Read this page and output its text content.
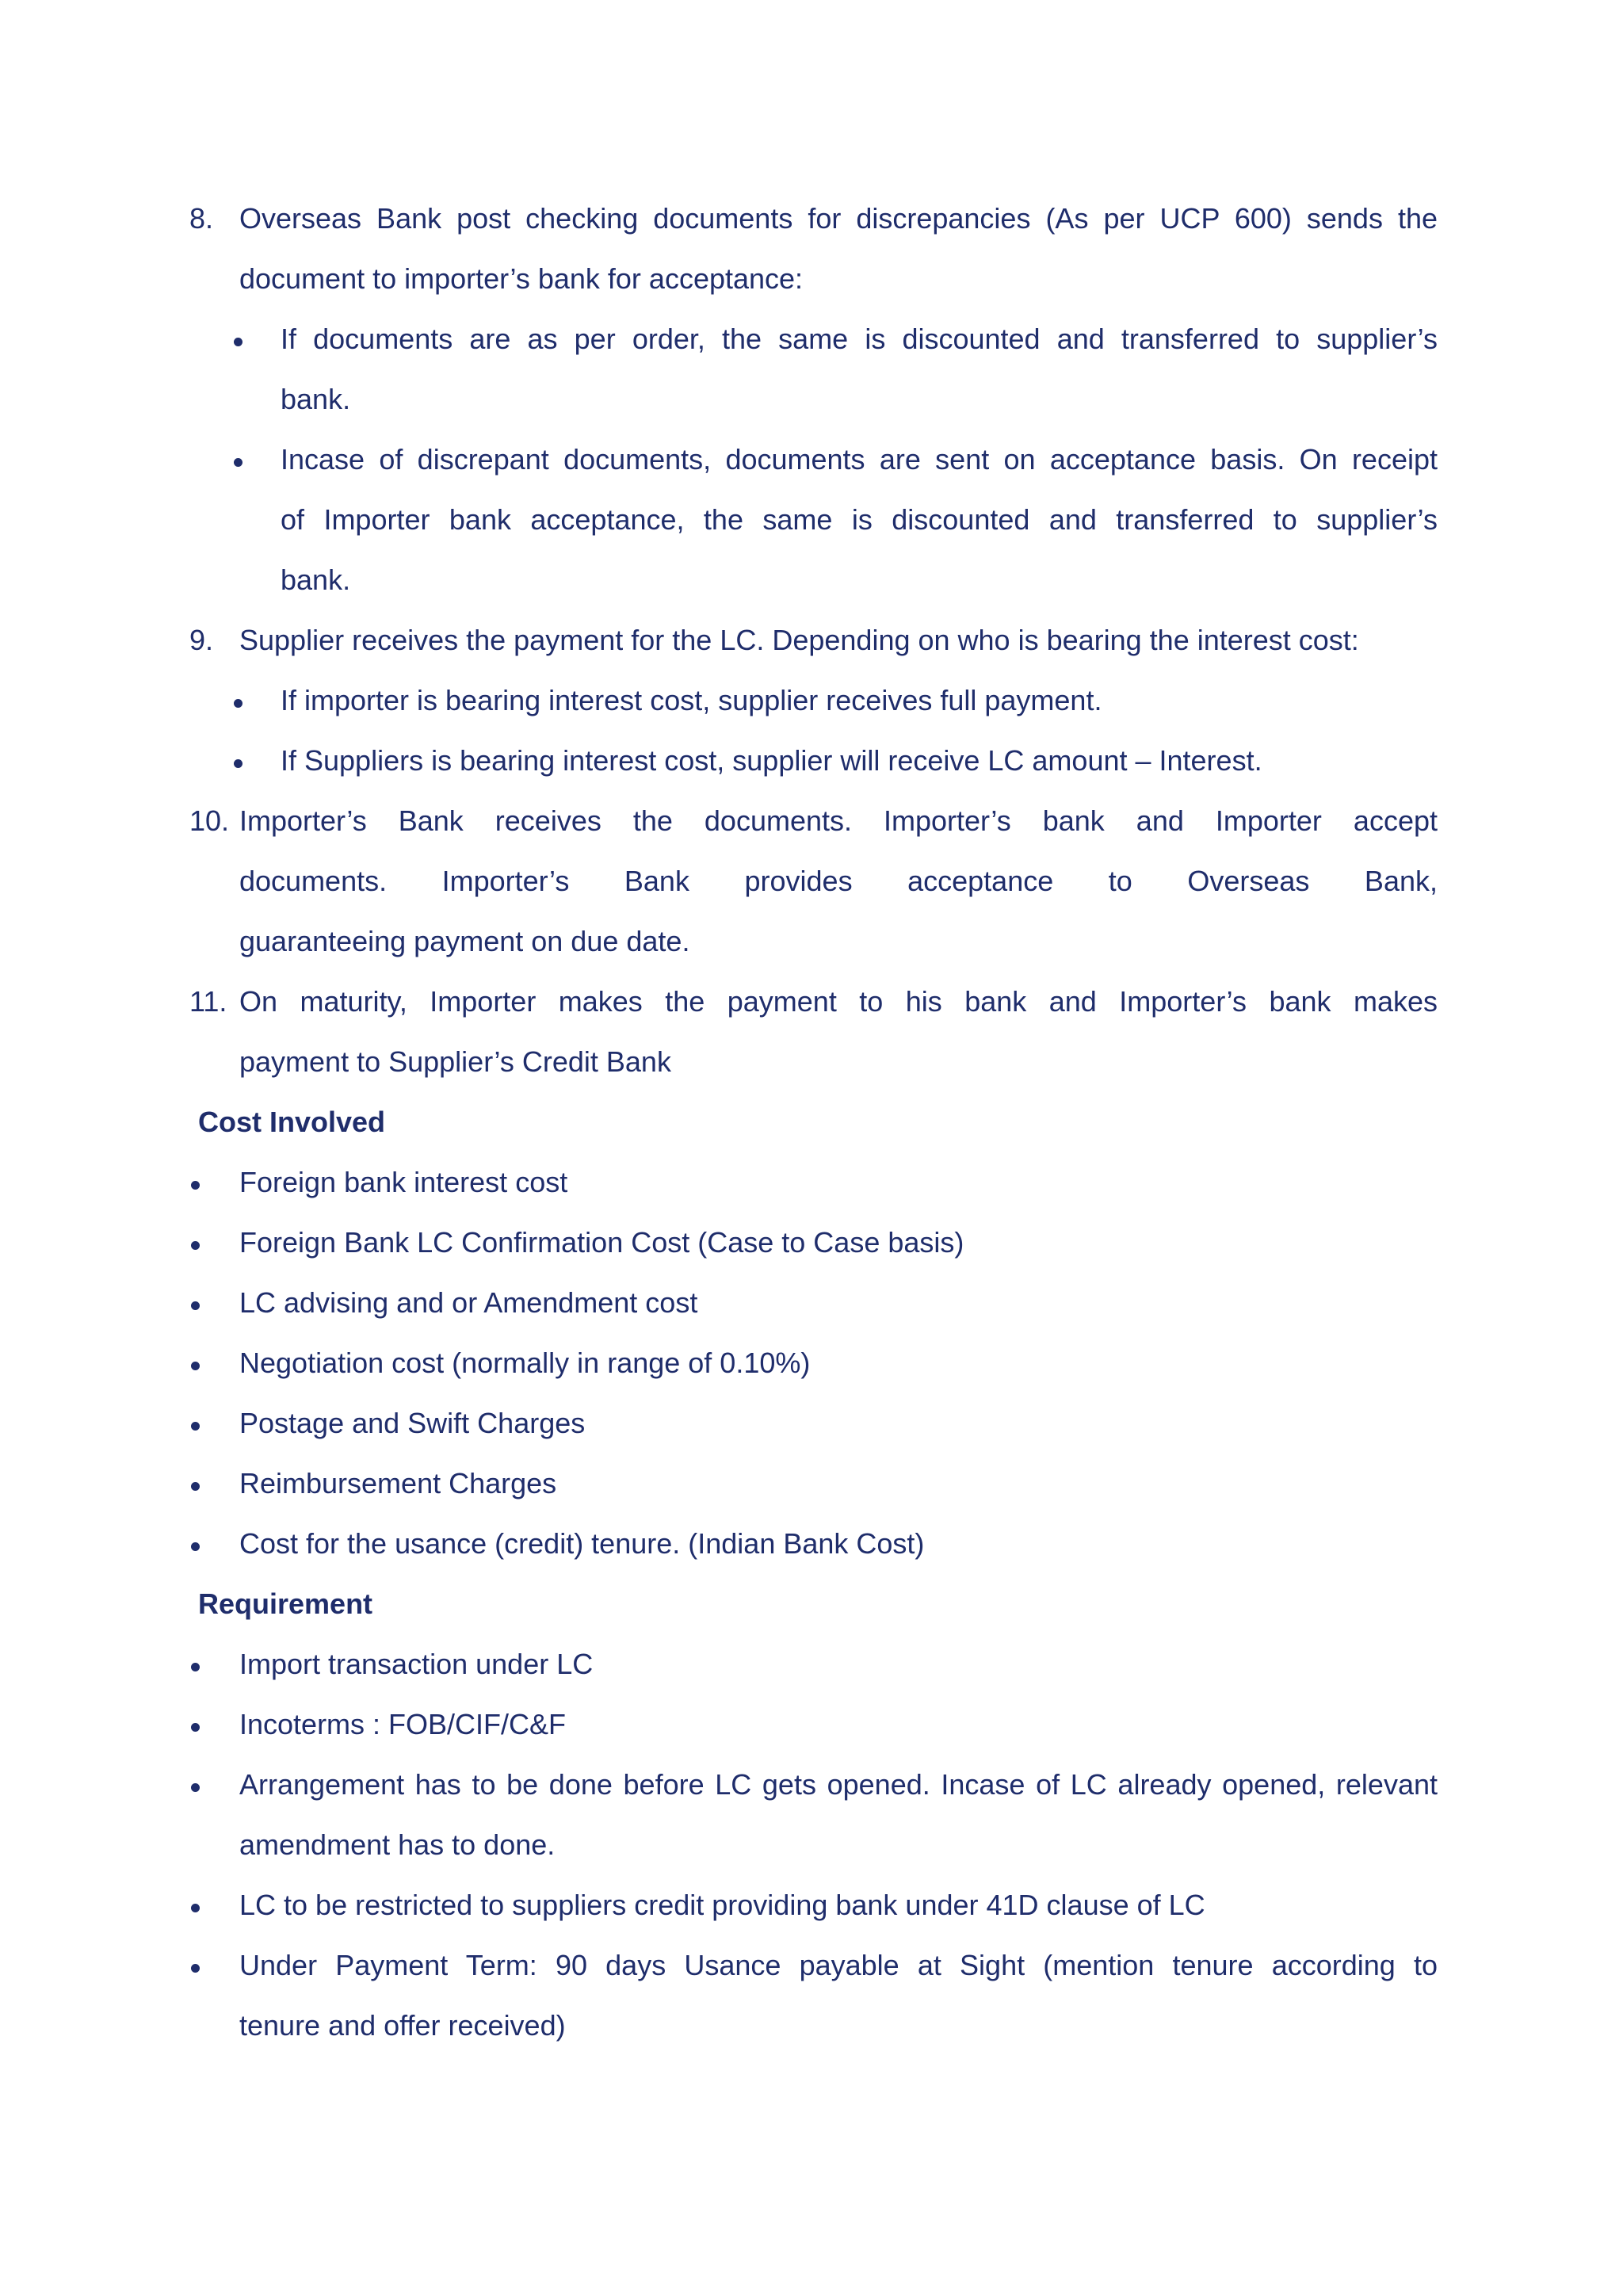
8. Overseas Bank post checking documents for discrepancies (As per UCP 600) sends the
document to importer’s bank for acceptance:
If documents are as per order, the same is discounted and transferred to supplier’s
bank.
Incase of discrepant documents, documents are sent on acceptance basis. On receipt
of Importer bank acceptance, the same is discounted and transferred to supplier’s
bank.
9. Supplier receives the payment for the LC. Depending on who is bearing the interest cost:
If importer is bearing interest cost, supplier receives full payment.
If Suppliers is bearing interest cost, supplier will receive LC amount – Interest.
10. Importer’s Bank receives the documents. Importer’s bank and Importer accept
documents. Importer’s Bank provides acceptance to Overseas Bank,
guaranteeing payment on due date.
11. On maturity, Importer makes the payment to his bank and Importer’s bank makes
payment to Supplier’s Credit Bank
Cost Involved
Foreign bank interest cost
Foreign Bank LC Confirmation Cost (Case to Case basis)
LC advising and or Amendment cost
Negotiation cost (normally in range of 0.10%)
Postage and Swift Charges
Reimbursement Charges
Cost for the usance (credit) tenure. (Indian Bank Cost)
Requirement
Import transaction under LC
Incoterms : FOB/CIF/C&F
Arrangement has to be done before LC gets opened. Incase of LC already opened, relevant
amendment has to done.
LC to be restricted to suppliers credit providing bank under 41D clause of LC
Under Payment Term: 90 days Usance payable at Sight (mention tenure according to
tenure and offer received)
